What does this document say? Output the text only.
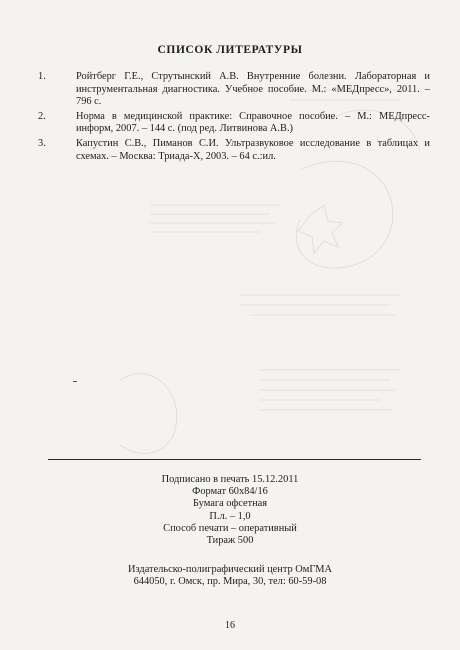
СПИСОК ЛИТЕРАТУРЫ
1.	Ройтберг Г.Е., Струтынский А.В. Внутренние болезни. Лабораторная и инструментальная диагностика. Учебное пособие. М.: «МЕДпресс», 2011. – 796 с.
2.	Норма в медицинской практике: Справочное пособие. – М.: МЕДпресс-информ, 2007. – 144 с. (под ред. Литвинова А.В.)
3.	Капустин С.В., Пиманов С.И. Ультразвуковое исследование в таблицах и схемах. – Москва: Триада-Х, 2003. – 64 с.:ил.
Подписано в печать 15.12.2011
Формат 60x84/16
Бумага офсетная
П.л. – 1,0
Способ печати – оперативный
Тираж 500
Издательско-полиграфический центр ОмГМА
644050, г. Омск, пр. Мира, 30, тел: 60-59-08
16
